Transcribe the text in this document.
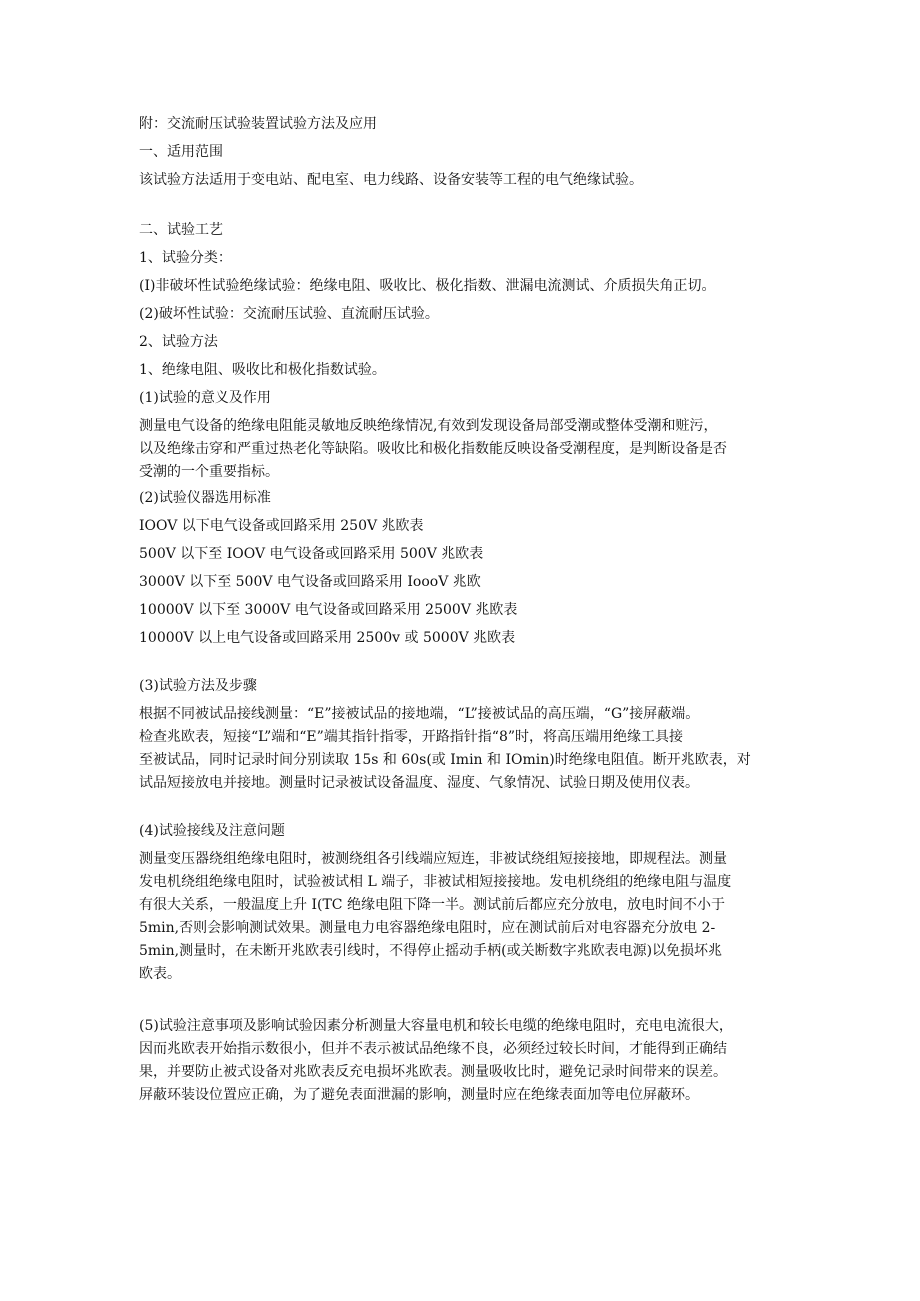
附：交流耐压试验装置试验方法及应用

一、适用范围

该试验方法适用于变电站、配电室、电力线路、设备安装等工程的电气绝缘试验。

二、试验工艺

1、试验分类：

(I)非破坏性试验绝缘试验：绝缘电阻、吸收比、极化指数、泄漏电流测试、介质损失角正切。

(2)破坏性试验：交流耐压试验、直流耐压试验。

2、试验方法

1、绝缘电阻、吸收比和极化指数试验。

(1)试验的意义及作用

测量电气设备的绝缘电阻能灵敏地反映绝缘情况,有效到发现设备局部受潮或整体受潮和赃污，
以及绝缘击穿和严重过热老化等缺陷。吸收比和极化指数能反映设备受潮程度，是判断设备是否
受潮的一个重要指标。

(2)试验仪器选用标准

IOOV 以下电气设备或回路采用 250V 兆欧表

500V 以下至 IOOV 电气设备或回路采用 500V 兆欧表

3000V 以下至 500V 电气设备或回路采用 IoooV 兆欧

10000V 以下至 3000V 电气设备或回路采用 2500V 兆欧表

10000V 以上电气设备或回路采用 2500v 或 5000V 兆欧表

(3)试验方法及步骤

根据不同被试品接线测量：“E”接被试品的接地端，“L”接被试品的高压端，“G”接屏蔽端。
检查兆欧表，短接“L”端和“E”端其指针指零，开路指针指“8”时，将高压端用绝缘工具接
至被试品，同时记录时间分别读取 15s 和 60s(或 Imin 和 IOmin)时绝缘电阻值。断开兆欧表，对
试品短接放电并接地。测量时记录被试设备温度、湿度、气象情况、试验日期及使用仪表。

(4)试验接线及注意问题

测量变压器绕组绝缘电阻时，被测绕组各引线端应短连，非被试绕组短接接地，即规程法。测量
发电机绕组绝缘电阻时，试验被试相 L 端子，非被试相短接接地。发电机绕组的绝缘电阻与温度
有很大关系，一般温度上升 I(TC 绝缘电阻下降一半。测试前后都应充分放电，放电时间不小于
5min,否则会影响测试效果。测量电力电容器绝缘电阻时，应在测试前后对电容器充分放电 2-
5min,测量时，在未断开兆欧表引线时，不得停止摇动手柄(或关断数字兆欧表电源)以免损坏兆
欧表。
(5)试验注意事项及影响试验因素分析测量大容量电机和较长电缆的绝缘电阻时，充电电流很大，
因而兆欧表开始指示数很小，但并不表示被试品绝缘不良，必须经过较长时间，才能得到正确结
果，并要防止被式设备对兆欧表反充电损坏兆欧表。测量吸收比时，避免记录时间带来的误差。
屏蔽环装设位置应正确，为了避免表面泄漏的影响，测量时应在绝缘表面加等电位屏蔽环。
